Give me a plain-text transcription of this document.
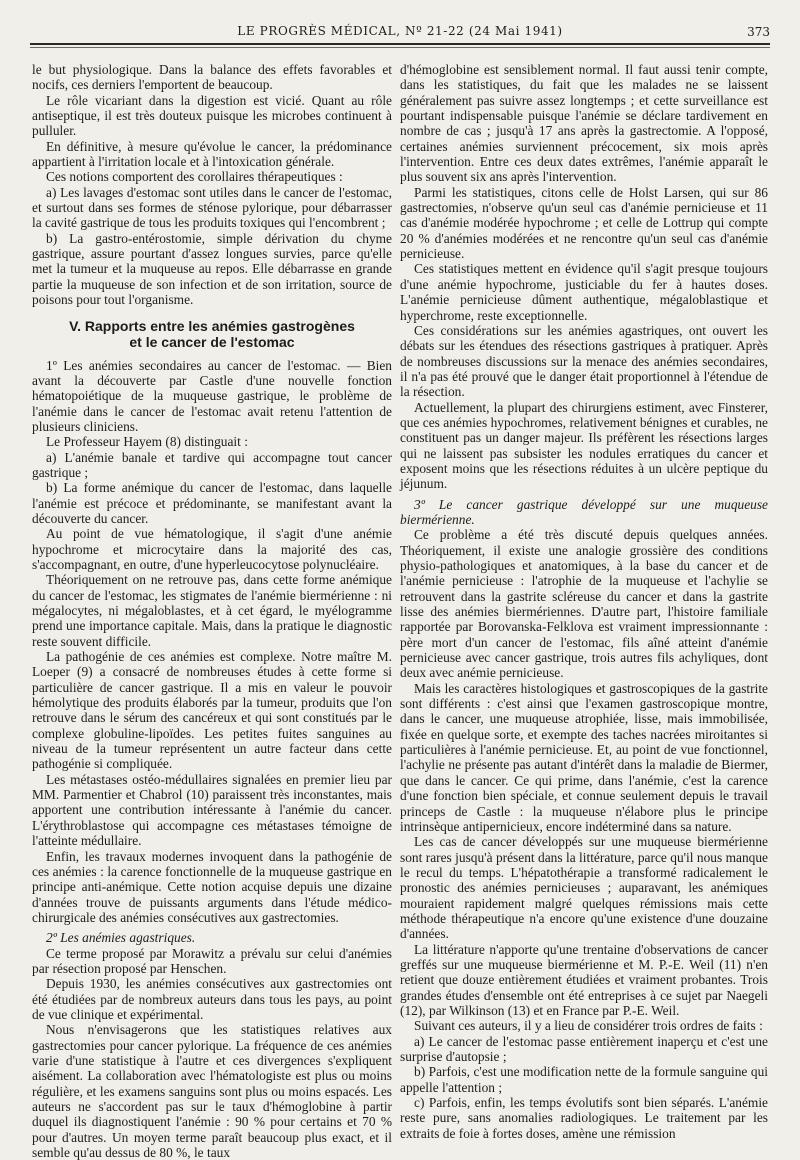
LE PROGRÈS MÉDICAL, Nº 21-22 (24 Mai 1941)	373

le but physiologique. Dans la balance des effets favorables et nocifs, ces derniers l'emportent de beaucoup.

Le rôle vicariant dans la digestion est vicié. Quant au rôle antiseptique, il est très douteux puisque les microbes continuent à pulluler.

En définitive, à mesure qu'évolue le cancer, la prédominance appartient à l'irritation locale et à l'intoxication générale.

Ces notions comportent des corollaires thérapeutiques :

a) Les lavages d'estomac sont utiles dans le cancer de l'estomac, et surtout dans ses formes de sténose pylorique, pour débarrasser la cavité gastrique de tous les produits toxiques qui l'encombrent ;

b) La gastro-entérostomie, simple dérivation du chyme gastrique, assure pourtant d'assez longues survies, parce qu'elle met la tumeur et la muqueuse au repos. Elle débarrasse en grande partie la muqueuse de son infection et de son irritation, source de poisons pour tout l'organisme.

V. Rapports entre les anémies gastrogènes
et le cancer de l'estomac

1º Les anémies secondaires au cancer de l'estomac. — Bien avant la découverte par Castle d'une nouvelle fonction hématopoiétique de la muqueuse gastrique, le problème de l'anémie dans le cancer de l'estomac avait retenu l'attention de plusieurs cliniciens.

Le Professeur Hayem (8) distinguait :

a) L'anémie banale et tardive qui accompagne tout cancer gastrique ;

b) La forme anémique du cancer de l'estomac, dans laquelle l'anémie est précoce et prédominante, se manifestant avant la découverte du cancer.

Au point de vue hématologique, il s'agit d'une anémie hypochrome et microcytaire dans la majorité des cas, s'accompagnant, en outre, d'une hyperleucocytose polynucléaire.

Théoriquement on ne retrouve pas, dans cette forme anémique du cancer de l'estomac, les stigmates de l'anémie biermérienne : ni mégalocytes, ni mégaloblastes, et à cet égard, le myélogramme prend une importance capitale. Mais, dans la pratique le diagnostic reste souvent difficile.

La pathogénie de ces anémies est complexe. Notre maître M. Loeper (9) a consacré de nombreuses études à cette forme si particulière de cancer gastrique. Il a mis en valeur le pouvoir hémolytique des produits élaborés par la tumeur, produits que l'on retrouve dans le sérum des cancéreux et qui sont constitués par le complexe globuline-lipoïdes. Les petites fuites sanguines au niveau de la tumeur représentent un autre facteur dans cette pathogénie si compliquée.

Les métastases ostéo-médullaires signalées en premier lieu par MM. Parmentier et Chabrol (10) paraissent très inconstantes, mais apportent une contribution intéressante à l'anémie du cancer. L'érythroblastose qui accompagne ces métastases témoigne de l'atteinte médullaire.

Enfin, les travaux modernes invoquent dans la pathogénie de ces anémies : la carence fonctionnelle de la muqueuse gastrique en principe anti-anémique. Cette notion acquise depuis une dizaine d'années trouve de puissants arguments dans l'étude médico-chirurgicale des anémies consécutives aux gastrectomies.

2º Les anémies agastriques.

Ce terme proposé par Morawitz a prévalu sur celui d'anémies par résection proposé par Henschen.

Depuis 1930, les anémies consécutives aux gastrectomies ont été étudiées par de nombreux auteurs dans tous les pays, au point de vue clinique et expérimental.

Nous n'envisagerons que les statistiques relatives aux gastrectomies pour cancer pylorique. La fréquence de ces anémies varie d'une statistique à l'autre et ces divergences s'expliquent aisément. La collaboration avec l'hématologiste est plus ou moins régulière, et les examens sanguins sont plus ou moins espacés. Les auteurs ne s'accordent pas sur le taux d'hémoglobine à partir duquel ils diagnostiquent l'anémie : 90 % pour certains et 70 % pour d'autres. Un moyen terme paraît beaucoup plus exact, et il semble qu'au dessus de 80 %, le taux

d'hémoglobine est sensiblement normal. Il faut aussi tenir compte, dans les statistiques, du fait que les malades ne se laissent généralement pas suivre assez longtemps ; et cette surveillance est pourtant indispensable puisque l'anémie se déclare tardivement en nombre de cas ; jusqu'à 17 ans après la gastrectomie. A l'opposé, certaines anémies surviennent précocement, six mois après l'intervention. Entre ces deux dates extrêmes, l'anémie apparaît le plus souvent six ans après l'intervention.

Parmi les statistiques, citons celle de Holst Larsen, qui sur 86 gastrectomies, n'observe qu'un seul cas d'anémie pernicieuse et 11 cas d'anémie modérée hypochrome ; et celle de Lottrup qui compte 20 % d'anémies modérées et ne rencontre qu'un seul cas d'anémie pernicieuse.

Ces statistiques mettent en évidence qu'il s'agit presque toujours d'une anémie hypochrome, justiciable du fer à hautes doses. L'anémie pernicieuse dûment authentique, mégaloblastique et hyperchrome, reste exceptionnelle.

Ces considérations sur les anémies agastriques, ont ouvert les débats sur les étendues des résections gastriques à pratiquer. Après de nombreuses discussions sur la menace des anémies secondaires, il n'a pas été prouvé que le danger était proportionnel à l'étendue de la résection.

Actuellement, la plupart des chirurgiens estiment, avec Finsterer, que ces anémies hypochromes, relativement bénignes et curables, ne constituent pas un danger majeur. Ils préfèrent les résections larges qui ne laissent pas subsister les nodules erratiques du cancer et exposent moins que les résections réduites à un ulcère peptique du jéjunum.

3º Le cancer gastrique développé sur une muqueuse biermérienne.

Ce problème a été très discuté depuis quelques années. Théoriquement, il existe une analogie grossière des conditions physio-pathologiques et anatomiques, à la base du cancer et de l'anémie pernicieuse : l'atrophie de la muqueuse et l'achylie se retrouvent dans la gastrite scléreuse du cancer et dans la gastrite lisse des anémies biermériennes. D'autre part, l'histoire familiale rapportée par Borovanska-Felklova est vraiment impressionnante : père mort d'un cancer de l'estomac, fils aîné atteint d'anémie pernicieuse avec cancer gastrique, trois autres fils achyliques, dont deux avec anémie pernicieuse.

Mais les caractères histologiques et gastroscopiques de la gastrite sont différents : c'est ainsi que l'examen gastroscopique montre, dans le cancer, une muqueuse atrophiée, lisse, mais immobilisée, fixée en quelque sorte, et exempte des taches nacrées miroitantes si particulières à l'anémie pernicieuse. Et, au point de vue fonctionnel, l'achylie ne présente pas autant d'intérêt dans la maladie de Biermer, que dans le cancer. Ce qui prime, dans l'anémie, c'est la carence d'une fonction bien spéciale, et connue seulement depuis le travail princeps de Castle : la muqueuse n'élabore plus le principe intrinsèque antipernicieux, encore indéterminé dans sa nature.

Les cas de cancer développés sur une muqueuse biermérienne sont rares jusqu'à présent dans la littérature, parce qu'il nous manque le recul du temps. L'hépatothérapie a transformé radicalement le pronostic des anémies pernicieuses ; auparavant, les anémiques mouraient rapidement malgré quelques rémissions mais cette méthode thérapeutique n'a encore qu'une existence d'une douzaine d'années.

La littérature n'apporte qu'une trentaine d'observations de cancer greffés sur une muqueuse biermérienne et M. P.-E. Weil (11) n'en retient que douze entièrement étudiées et vraiment probantes. Trois grandes études d'ensemble ont été entreprises à ce sujet par Naegeli (12), par Wilkinson (13) et en France par P.-E. Weil.

Suivant ces auteurs, il y a lieu de considérer trois ordres de faits :

a) Le cancer de l'estomac passe entièrement inaperçu et c'est une surprise d'autopsie ;

b) Parfois, c'est une modification nette de la formule sanguine qui appelle l'attention ;

c) Parfois, enfin, les temps évolutifs sont bien séparés. L'anémie reste pure, sans anomalies radiologiques. Le traitement par les extraits de foie à fortes doses, amène une rémission
